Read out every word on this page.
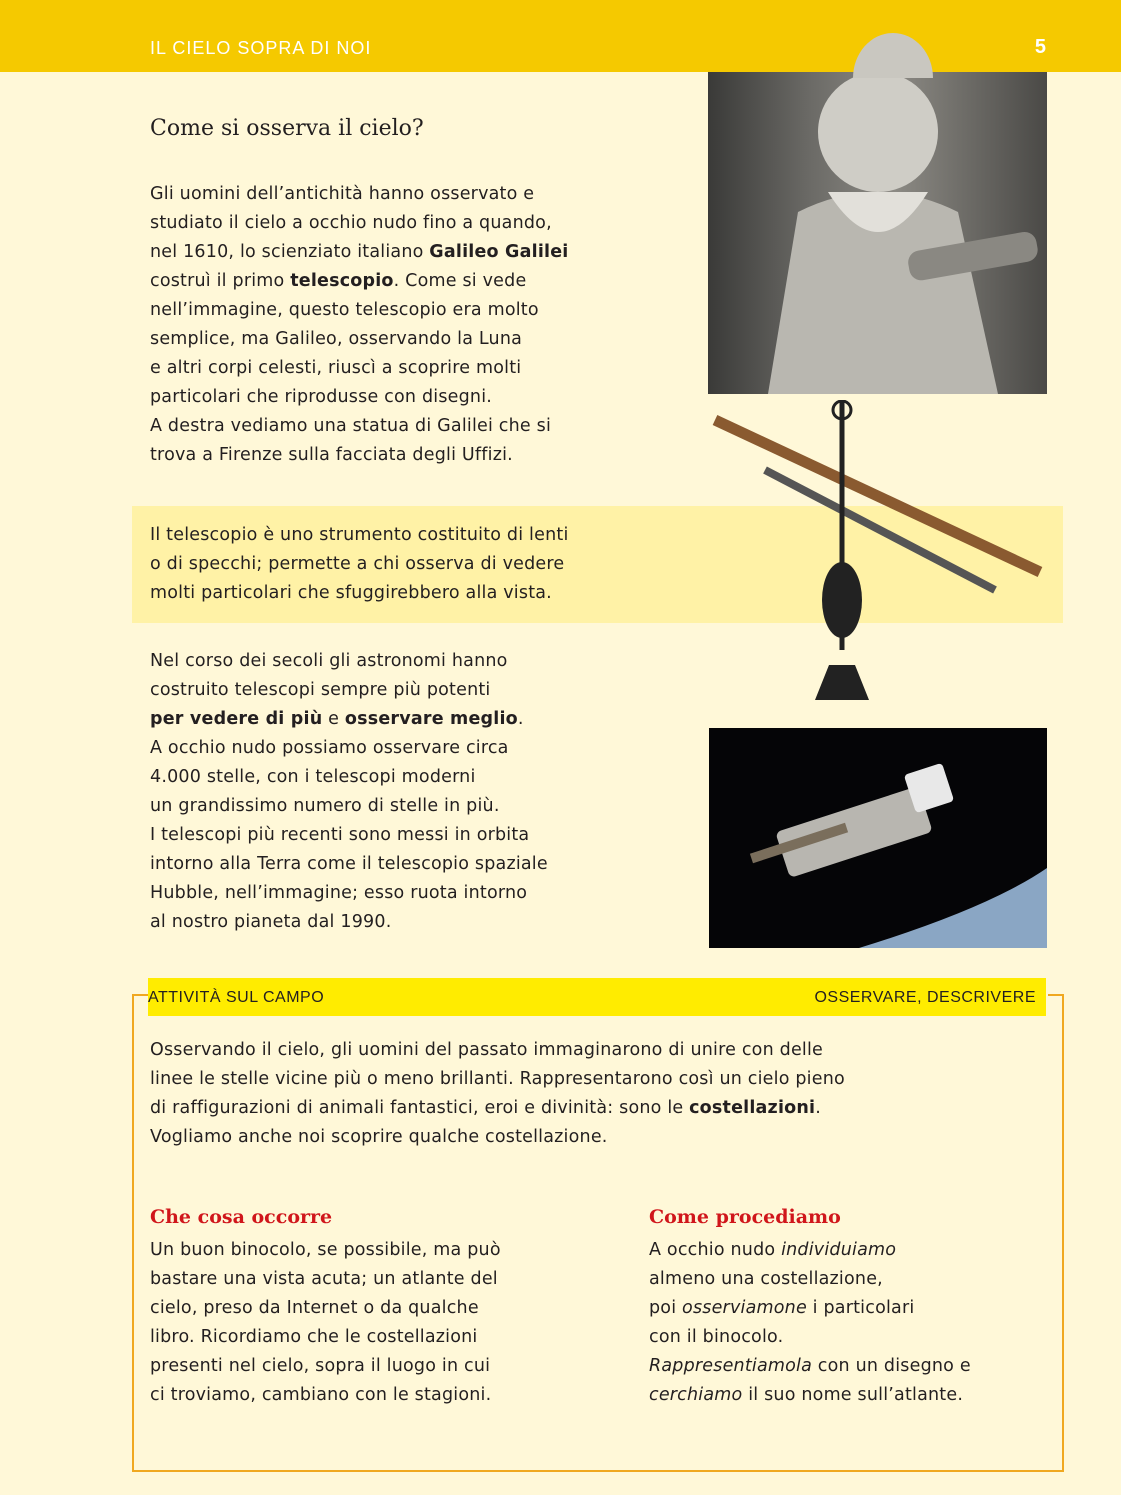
IL CIELO SOPRA DI NOI	5
Come si osserva il cielo?
Gli uomini dell’antichità hanno osservato e
studiato il cielo a occhio nudo fino a quando,
nel 1610, lo scienziato italiano Galileo Galilei
costruì il primo telescopio. Come si vede
nell’immagine, questo telescopio era molto
semplice, ma Galileo, osservando la Luna
e altri corpi celesti, riuscì a scoprire molti
particolari che riprodusse con disegni.
A destra vediamo una statua di Galilei che si
trova a Firenze sulla facciata degli Uffizi.
Il telescopio è uno strumento costituito di lenti
o di specchi; permette a chi osserva di vedere
molti particolari che sfuggirebbero alla vista.
Nel corso dei secoli gli astronomi hanno
costruito telescopi sempre più potenti
per vedere di più e osservare meglio.
A occhio nudo possiamo osservare circa
4.000 stelle, con i telescopi moderni
un grandissimo numero di stelle in più.
I telescopi più recenti sono messi in orbita
intorno alla Terra come il telescopio spaziale
Hubble, nell’immagine; esso ruota intorno
al nostro pianeta dal 1990.
ATTIVITÀ SUL CAMPO	OSSERVARE, DESCRIVERE
Osservando il cielo, gli uomini del passato immaginarono di unire con delle
linee le stelle vicine più o meno brillanti. Rappresentarono così un cielo pieno
di raffigurazioni di animali fantastici, eroi e divinità: sono le costellazioni.
Vogliamo anche noi scoprire qualche costellazione.
Che cosa occorre
Un buon binocolo, se possibile, ma può
bastare una vista acuta; un atlante del
cielo, preso da Internet o da qualche
libro. Ricordiamo che le costellazioni
presenti nel cielo, sopra il luogo in cui
ci troviamo, cambiano con le stagioni.
Come procediamo
A occhio nudo individuiamo
almeno una costellazione,
poi osserviamone i particolari
con il binocolo.
Rappresentiamola con un disegno e
cerchiamo il suo nome sull’atlante.
